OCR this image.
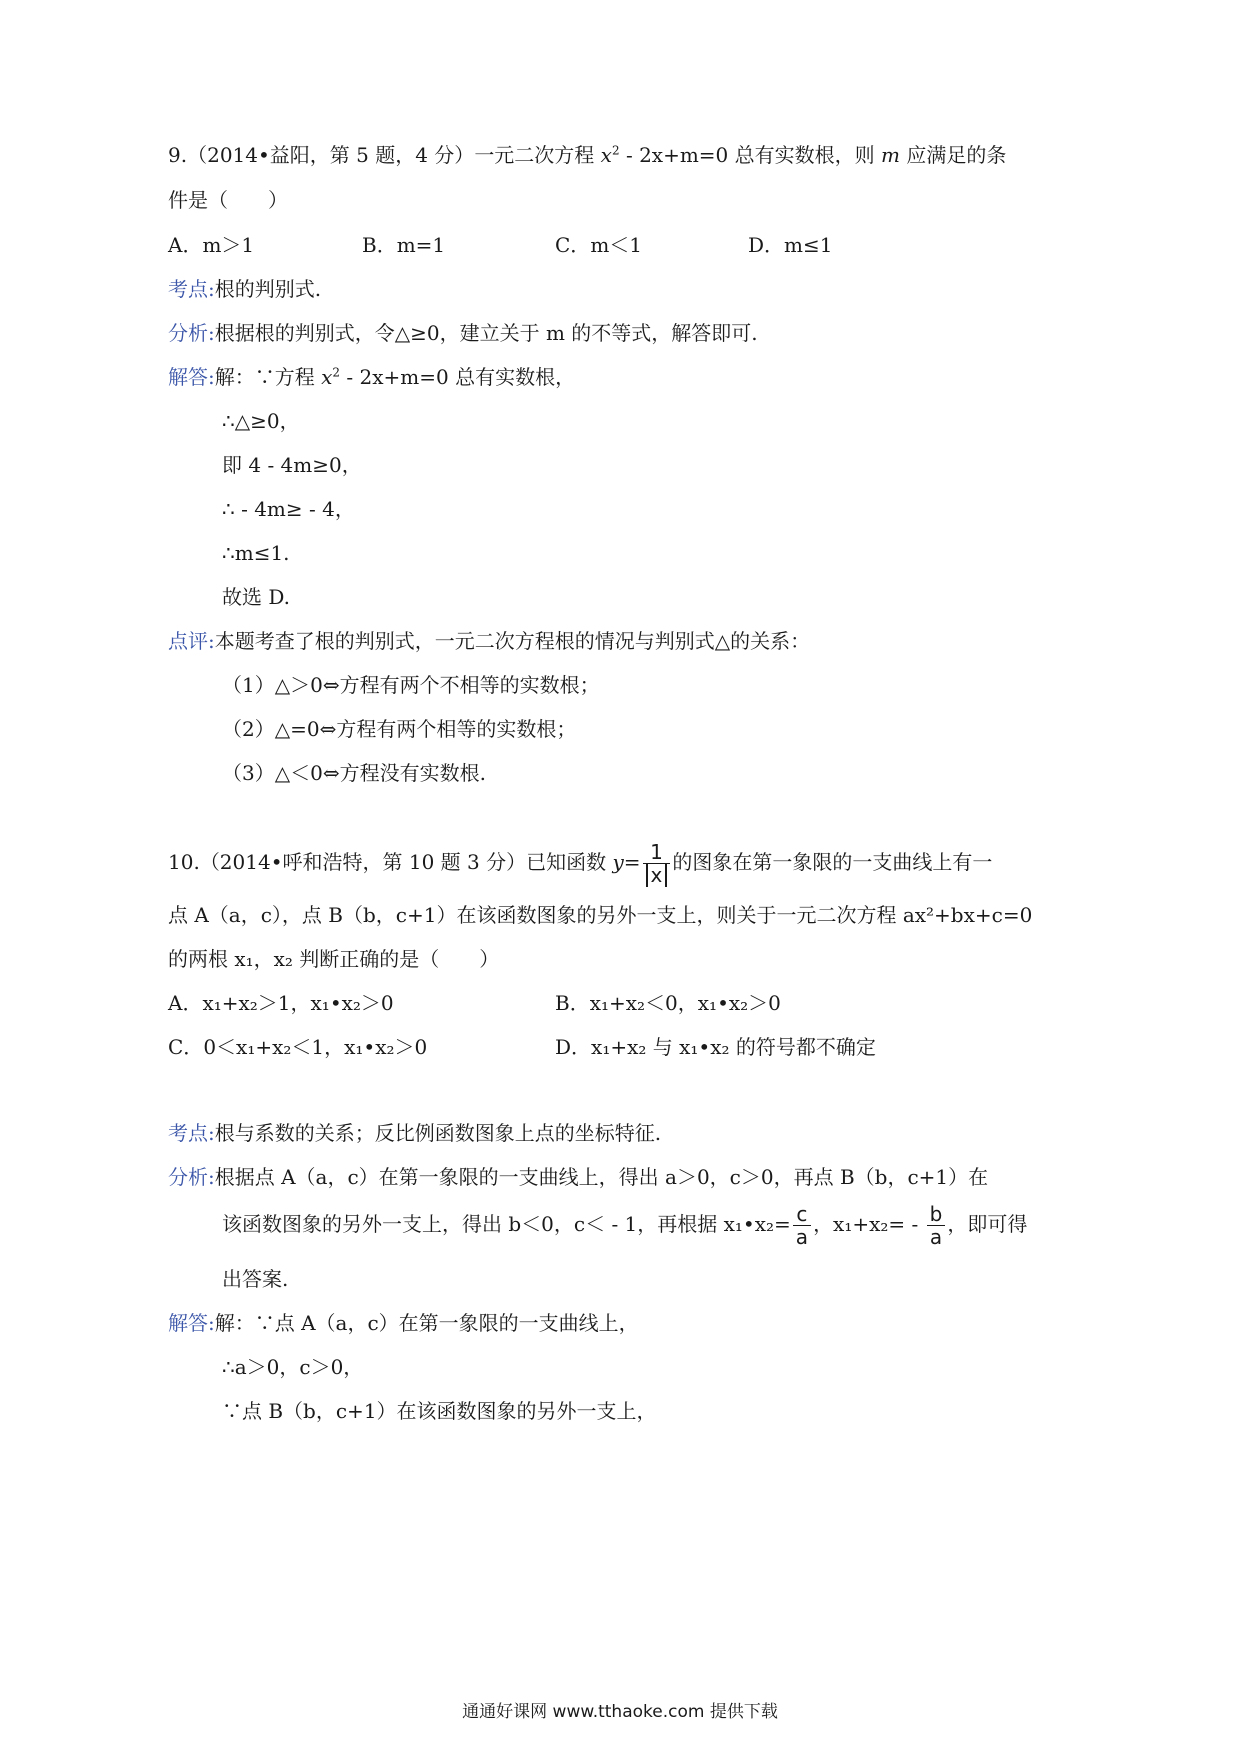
9.（2014•益阳，第 5 题，4 分）一元二次方程 $x^2 - 2x+m=0$ 总有实数根，则 m 应满足的条
件是（　　）
A．m＞1	B．m=1	C．m＜1	D．m≤1
考点:根的判别式.
分析:根据根的判别式，令△≥0，建立关于 m 的不等式，解答即可.
解答:解：∵方程 $x^2 - 2x+m=0$ 总有实数根，
∴△≥0，
即 4 - 4m≥0，
∴ - 4m≥ - 4，
∴m≤1.
故选 D.
点评:本题考查了根的判别式，一元二次方程根的情况与判别式△的关系：
（1）△＞0⇔方程有两个不相等的实数根；
（2）△=0⇔方程有两个相等的实数根；
（3）△＜0⇔方程没有实数根.
10.（2014•呼和浩特，第 10 题 3 分）已知函数 $y= \frac{1}{x}$ 的图象在第一象限的一支曲线上有一
点 A（a，c），点 B（b，c+1）在该函数图象的另外一支上，则关于一元二次方程 ax²+bx+c=0
的两根 x₁，x₂ 判断正确的是（　　）
A．x₁+x₂＞1，x₁•x₂＞0	B．x₁+x₂＜0，x₁•x₂＞0
C．0＜x₁+x₂＜1，x₁•x₂＞0	D．x₁+x₂ 与 x₁•x₂ 的符号都不确定
考点:根与系数的关系；反比例函数图象上点的坐标特征.
分析:根据点 A（a，c）在第一象限的一支曲线上，得出 a＞0，c＞0，再点 B（b，c+1）在
该函数图象的另外一支上，得出 b＜0，c＜ - 1，再根据 x₁•x₂= $\frac{c}{a}$ ，$x_1+x_2= - \frac{b}{a}$ ，即可得
出答案.
解答:解：∵点 A（a，c）在第一象限的一支曲线上，
∴a＞0，c＞0，
∵点 B（b，c+1）在该函数图象的另外一支上，
通通好课网 www.tthaoke.com 提供下载
